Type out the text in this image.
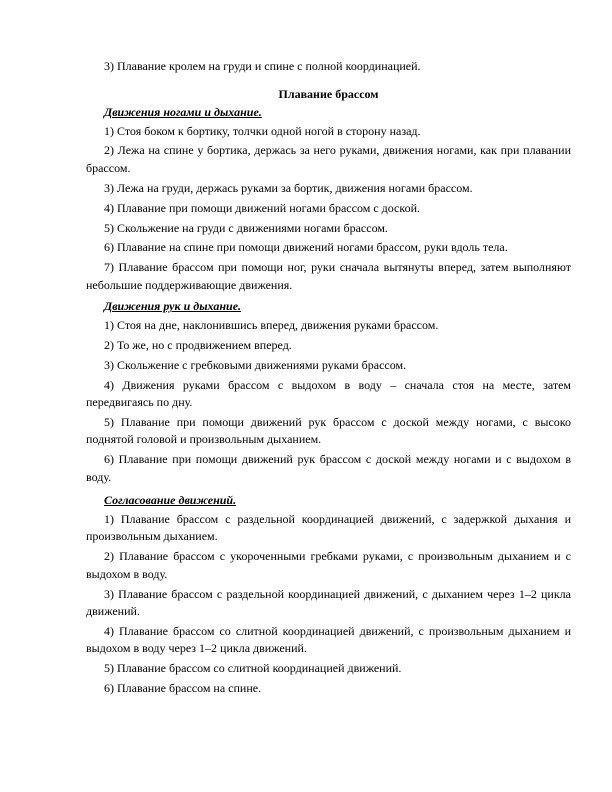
3) Плавание кролем на груди и спине с полной координацией.

Плавание брассом

Движения ногами и дыхание.

1) Стоя боком к бортику, толчки одной ногой в сторону назад.

2) Лежа на спине у бортика, держась за него руками, движения ногами, как при плавании брассом.

3) Лежа на груди, держась руками за бортик, движения ногами брассом.

4) Плавание при помощи движений ногами брассом с доской.

5) Скольжение на груди с движениями ногами брассом.

6) Плавание на спине при помощи движений ногами брассом, руки вдоль тела.

7) Плавание брассом при помощи ног, руки сначала вытянуты вперед, затем выполняют небольшие поддерживающие движения.

Движения рук и дыхание.

1) Стоя на дне, наклонившись вперед, движения руками брассом.

2) То же, но с продвижением вперед.

3) Скольжение с гребковыми движениями руками брассом.

4) Движения руками брассом с выдохом в воду – сначала стоя на месте, затем передвигаясь по дну.

5) Плавание при помощи движений рук брассом с доской между ногами, с высоко поднятой головой и произвольным дыханием.

6) Плавание при помощи движений рук брассом с доской между ногами и с выдохом в воду.

Согласование движений.

1) Плавание брассом с раздельной координацией движений, с задержкой дыхания и произвольным дыханием.

2) Плавание брассом с укороченными гребками руками, с произвольным дыханием и с выдохом в воду.

3) Плавание брассом с раздельной координацией движений, с дыханием через 1–2 цикла движений.

4) Плавание брассом со слитной координацией движений, с произвольным дыханием и выдохом в воду через 1–2 цикла движений.

5) Плавание брассом со слитной координацией движений.

6) Плавание брассом на спине.
